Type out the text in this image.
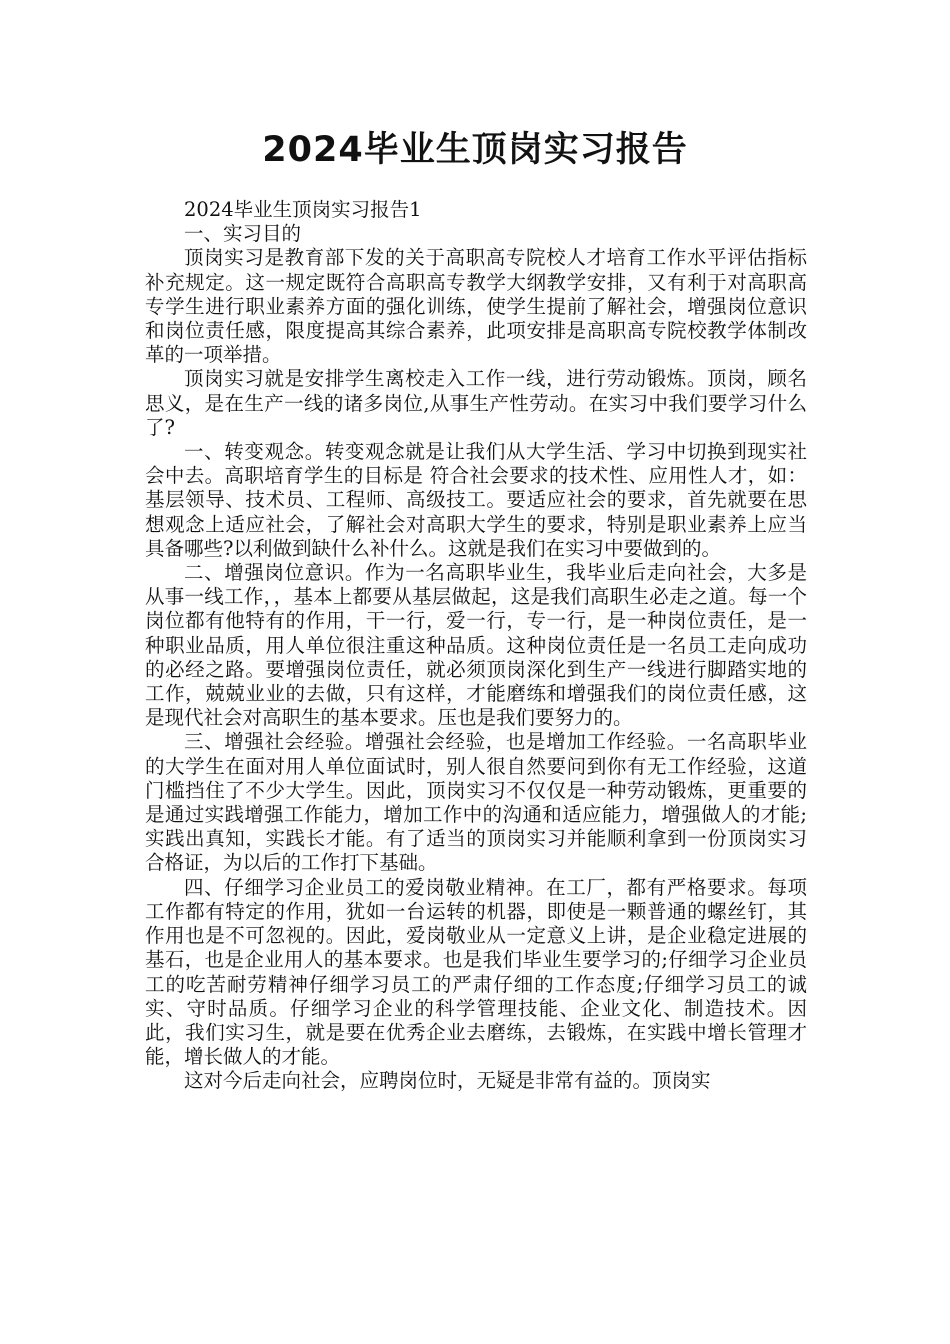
2024毕业生顶岗实习报告

2024毕业生顶岗实习报告1

一、实习目的

顶岗实习是教育部下发的关于高职高专院校人才培育工作水平评估指标补充规定。这一规定既符合高职高专教学大纲教学安排，又有利于对高职高专学生进行职业素养方面的强化训练，使学生提前了解社会，增强岗位意识和岗位责任感，限度提高其综合素养，此项安排是高职高专院校教学体制改革的一项举措。

顶岗实习就是安排学生离校走入工作一线，进行劳动锻炼。顶岗，顾名思义，是在生产一线的诸多岗位,从事生产性劳动。在实习中我们要学习什么了?

一、转变观念。转变观念就是让我们从大学生活、学习中切换到现实社会中去。高职培育学生的目标是 符合社会要求的技术性、应用性人才，如：基层领导、技术员、工程师、高级技工。要适应社会的要求，首先就要在思想观念上适应社会，了解社会对高职大学生的要求，特别是职业素养上应当具备哪些?以利做到缺什么补什么。这就是我们在实习中要做到的。

二、增强岗位意识。作为一名高职毕业生，我毕业后走向社会，大多是从事一线工作，，基本上都要从基层做起，这是我们高职生必走之道。每一个岗位都有他特有的作用，干一行，爱一行，专一行，是一种岗位责任，是一种职业品质，用人单位很注重这种品质。这种岗位责任是一名员工走向成功的必经之路。要增强岗位责任，就必须顶岗深化到生产一线进行脚踏实地的工作，兢兢业业的去做，只有这样，才能磨练和增强我们的岗位责任感，这是现代社会对高职生的基本要求。压也是我们要努力的。

三、增强社会经验。增强社会经验，也是增加工作经验。一名高职毕业的大学生在面对用人单位面试时，别人很自然要问到你有无工作经验，这道门槛挡住了不少大学生。因此，顶岗实习不仅仅是一种劳动锻炼，更重要的是通过实践增强工作能力，增加工作中的沟通和适应能力，增强做人的才能;实践出真知，实践长才能。有了适当的顶岗实习并能顺利拿到一份顶岗实习合格证，为以后的工作打下基础。

四、仔细学习企业员工的爱岗敬业精神。在工厂，都有严格要求。每项工作都有特定的作用，犹如一台运转的机器，即使是一颗普通的螺丝钉，其作用也是不可忽视的。因此，爱岗敬业从一定意义上讲，是企业稳定进展的基石，也是企业用人的基本要求。也是我们毕业生要学习的;仔细学习企业员工的吃苦耐劳精神仔细学习员工的严肃仔细的工作态度;仔细学习员工的诚实、守时品质。仔细学习企业的科学管理技能、企业文化、制造技术。因此，我们实习生，就是要在优秀企业去磨练，去锻炼，在实践中增长管理才能，增长做人的才能。

这对今后走向社会，应聘岗位时，无疑是非常有益的。顶岗实
